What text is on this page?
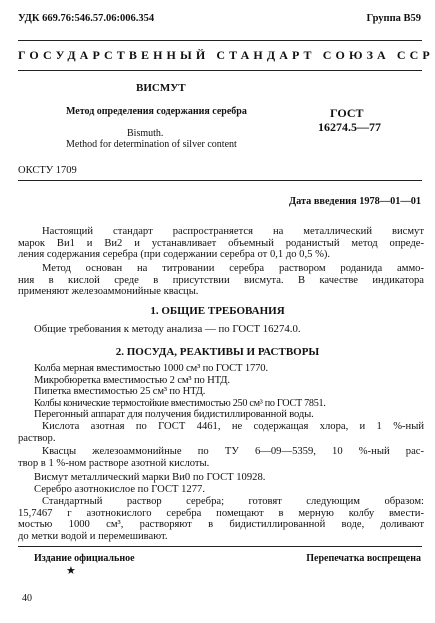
УДК 669.76:546.57.06:006.354	Группа В59
ГОСУДАРСТВЕННЫЙ СТАНДАРТ СОЮЗА ССР
ВИСМУТ
Метод определения содержания серебра
Bismuth.
Method for determination of silver content
ГОСТ
16274.5—77
ОКСТУ 1709
Дата введения 1978—01—01
Настоящий стандарт распространяется на металлический висмут
марок Ви1 и Ви2 и устанавливает объемный роданистый метод опреде-
ления содержания серебра (при содержании серебра от 0,1 до 0,5 %).
Метод основан на титровании серебра раствором роданида аммо-
ния в кислой среде в присутствии висмута. В качестве индикатора
применяют железоаммонийные квасцы.
1. ОБЩИЕ ТРЕБОВАНИЯ
Общие требования к методу анализа — по ГОСТ 16274.0.
2. ПОСУДА, РЕАКТИВЫ И РАСТВОРЫ
Колба мерная вместимостью 1000 см³ по ГОСТ 1770.
Микробюретка вместимостью 2 см³ по НТД.
Пипетка вместимостью 25 см³ по НТД.
Колбы конические термостойкие вместимостью 250 см³ по ГОСТ 7851.
Перегонный аппарат для получения бидистиллированной воды.
Кислота азотная по ГОСТ 4461, не содержащая хлора, и 1 %-ный
раствор.
Квасцы железоаммонийные по ТУ 6—09—5359, 10 %-ный рас-
твор в 1 %-ном растворе азотной кислоты.
Висмут металлический марки Ви0 по ГОСТ 10928.
Серебро азотнокислое по ГОСТ 1277.
Стандартный раствор серебра; готовят следующим образом:
15,7467 г азотнокислого серебра помещают в мерную колбу вмести-
мостью 1000 см³, растворяют в бидистиллированной воде, доливают
до метки водой и перемешивают.
Издание официальное
★
Перепечатка воспрещена
40
